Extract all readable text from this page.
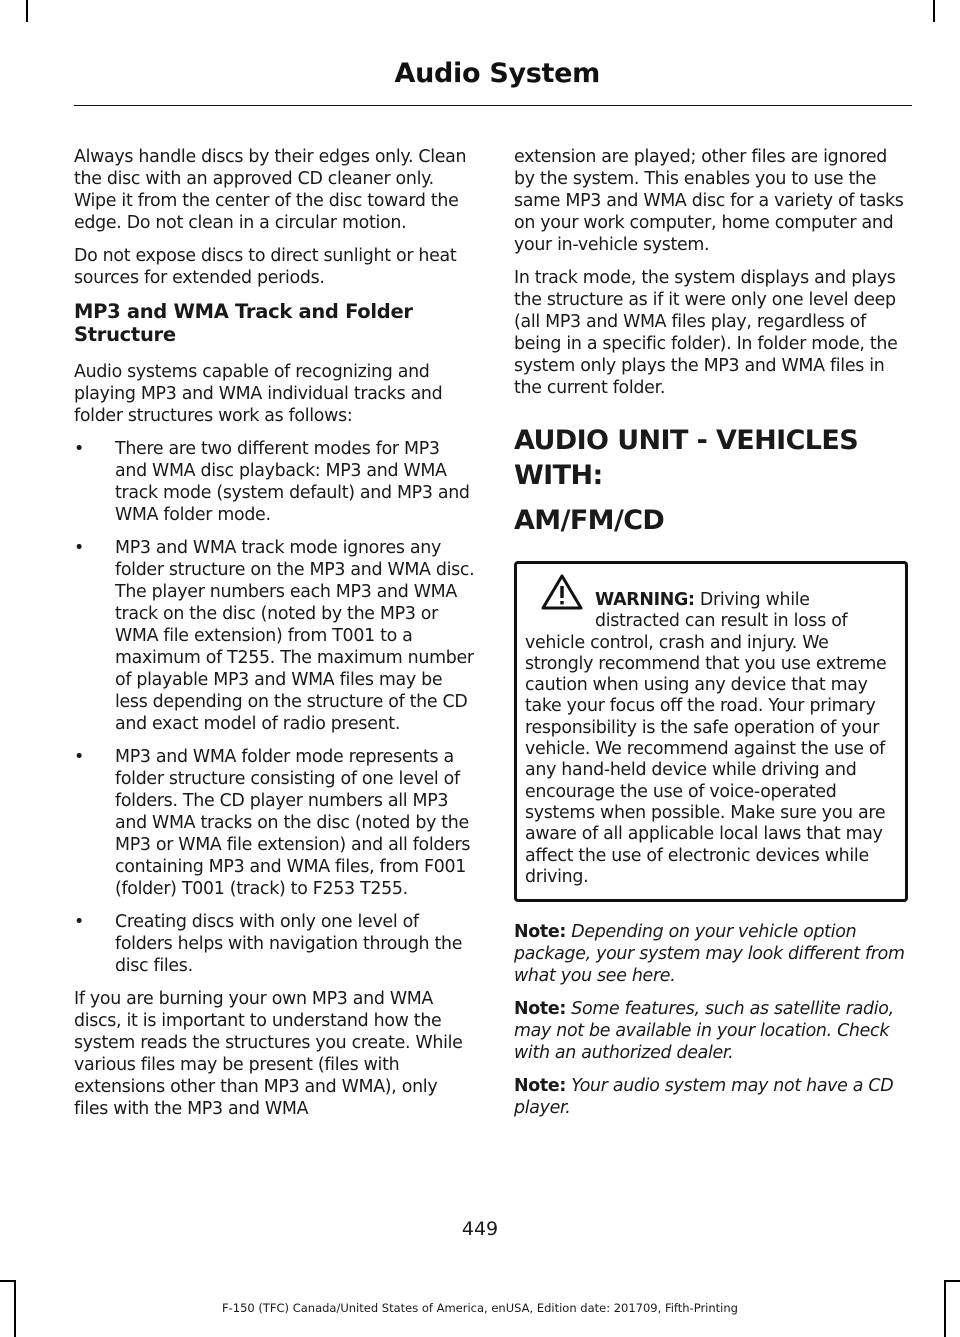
Audio System

Always handle discs by their edges only. Clean the disc with an approved CD cleaner only. Wipe it from the center of the disc toward the edge. Do not clean in a circular motion.

Do not expose discs to direct sunlight or heat sources for extended periods.

MP3 and WMA Track and Folder Structure

Audio systems capable of recognizing and playing MP3 and WMA individual tracks and folder structures work as follows:

• There are two different modes for MP3 and WMA disc playback: MP3 and WMA track mode (system default) and MP3 and WMA folder mode.
• MP3 and WMA track mode ignores any folder structure on the MP3 and WMA disc. The player numbers each MP3 and WMA track on the disc (noted by the MP3 or WMA file extension) from T001 to a maximum of T255. The maximum number of playable MP3 and WMA files may be less depending on the structure of the CD and exact model of radio present.
• MP3 and WMA folder mode represents a folder structure consisting of one level of folders. The CD player numbers all MP3 and WMA tracks on the disc (noted by the MP3 or WMA file extension) and all folders containing MP3 and WMA files, from F001 (folder) T001 (track) to F253 T255.
• Creating discs with only one level of folders helps with navigation through the disc files.

If you are burning your own MP3 and WMA discs, it is important to understand how the system reads the structures you create. While various files may be present (files with extensions other than MP3 and WMA), only files with the MP3 and WMA

extension are played; other files are ignored by the system. This enables you to use the same MP3 and WMA disc for a variety of tasks on your work computer, home computer and your in-vehicle system.

In track mode, the system displays and plays the structure as if it were only one level deep (all MP3 and WMA files play, regardless of being in a specific folder). In folder mode, the system only plays the MP3 and WMA files in the current folder.

AUDIO UNIT - VEHICLES WITH:
AM/FM/CD
WARNING: Driving while distracted can result in loss of vehicle control, crash and injury. We strongly recommend that you use extreme caution when using any device that may take your focus off the road. Your primary responsibility is the safe operation of your vehicle. We recommend against the use of any hand-held device while driving and encourage the use of voice-operated systems when possible. Make sure you are aware of all applicable local laws that may affect the use of electronic devices while driving.

Note: Depending on your vehicle option package, your system may look different from what you see here.

Note: Some features, such as satellite radio, may not be available in your location. Check with an authorized dealer.

Note: Your audio system may not have a CD player.

449
F-150 (TFC) Canada/United States of America, enUSA, Edition date: 201709, Fifth-Printing
